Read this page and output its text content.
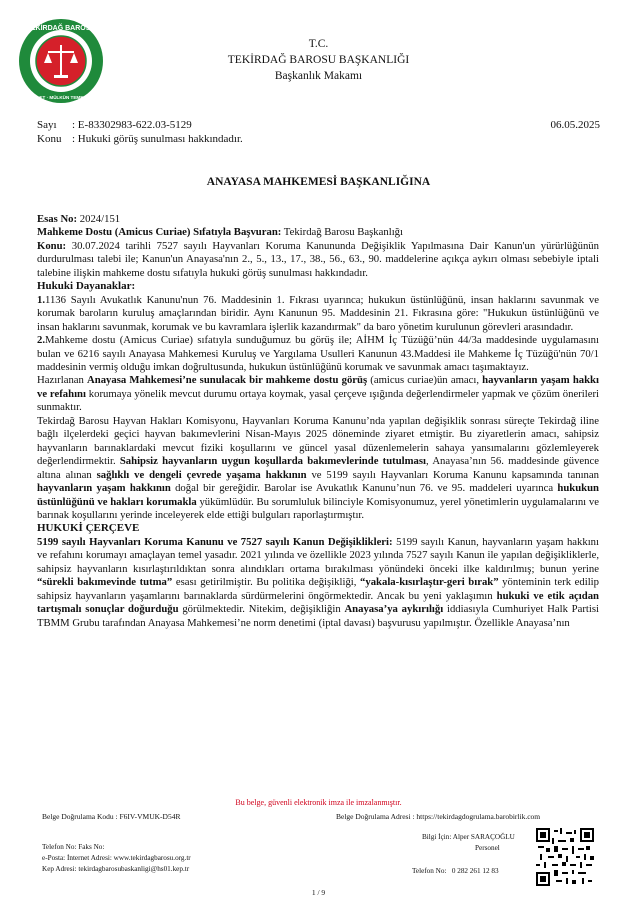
TEKİRDAĞ BAROSU
ADALET · MÜLKÜN TEMELİDİR
T.C.
TEKİRDAĞ BAROSU BAŞKANLIĞI
Başkanlık Makamı
Sayı : E-83302983-622.03-5129	06.05.2025
Konu : Hukuki görüş sunulması hakkındadır.
ANAYASA MAHKEMESİ BAŞKANLIĞINA

Esas No: 2024/151

Mahkeme Dostu (Amicus Curiae) Sıfatıyla Başvuran: Tekirdağ Barosu Başkanlığı

Konu: 30.07.2024 tarihli 7527 sayılı Hayvanları Koruma Kanununda Değişiklik Yapılmasına Dair Kanun'un yürürlüğünün durdurulması talebi ile; Kanun'un Anayasa'nın 2., 5., 13., 17., 38., 56., 63., 90. maddelerine açıkça aykırı olması sebebiyle iptali talebine ilişkin mahkeme dostu sıfatıyla hukuki görüş sunulması hakkındadır.

Hukuki Dayanaklar:

1.1136 Sayılı Avukatlık Kanunu'nun 76. Maddesinin 1. Fıkrası uyarınca; hukukun üstünlüğünü, insan haklarını savunmak ve korumak baroların kuruluş amaçlarından biridir. Aynı Kanunun 95. Maddesinin 21. Fıkrasına göre: "Hukukun üstünlüğünü ve insan haklarını savunmak, korumak ve bu kavramlara işlerlik kazandırmak" da baro yönetim kurulunun görevleri arasındadır.

2.Mahkeme dostu (Amicus Curiae) sıfatıyla sunduğumuz bu görüş ile; AİHM İç Tüzüğü’nün 44/3a maddesinde uygulamasını bulan ve 6216 sayılı Anayasa Mahkemesi Kuruluş ve Yargılama Usulleri Kanunun 43.Maddesi ile Mahkeme İç Tüzüğü'nün 70/1 maddesinin vermiş olduğu imkan doğrultusunda, hukukun üstünlüğünü korumak ve savunmak amacı taşımaktayız.

Hazırlanan Anayasa Mahkemesi’ne sunulacak bir mahkeme dostu görüş (amicus curiae)ün amacı, hayvanların yaşam hakkı ve refahını korumaya yönelik mevcut durumu ortaya koymak, yasal çerçeve ışığında değerlendirmeler yapmak ve çözüm önerileri sunmaktır.

Tekirdağ Barosu Hayvan Hakları Komisyonu, Hayvanları Koruma Kanunu’nda yapılan değişiklik sonrası süreçte Tekirdağ iline bağlı ilçelerdeki geçici hayvan bakımevlerini Nisan-Mayıs 2025 döneminde ziyaret etmiştir. Bu ziyaretlerin amacı, sahipsiz hayvanların barınaklardaki mevcut fiziki koşullarını ve güncel yasal düzenlemelerin sahaya yansımalarını gözlemleyerek değerlendirmektir. Sahipsiz hayvanların uygun koşullarda bakımevlerinde tutulması, Anayasa’nın 56. maddesinde güvence altına alınan sağlıklı ve dengeli çevrede yaşama hakkının ve 5199 sayılı Hayvanları Koruma Kanunu kapsamında tanınan hayvanların yaşam hakkının doğal bir gereğidir. Barolar ise Avukatlık Kanunu’nun 76. ve 95. maddeleri uyarınca hukukun üstünlüğünü ve hakları korumakla yükümlüdür. Bu sorumluluk bilinciyle Komisyonumuz, yerel yönetimlerin uygulamalarını ve barınak koşullarını yerinde inceleyerek elde ettiği bulguları raporlaştırmıştır.

HUKUKİ ÇERÇEVE

5199 sayılı Hayvanları Koruma Kanunu ve 7527 sayılı Kanun Değişiklikleri: 5199 sayılı Kanun, hayvanların yaşam hakkını ve refahını korumayı amaçlayan temel yasadır. 2021 yılında ve özellikle 2023 yılında 7527 sayılı Kanun ile yapılan değişikliklerle, sahipsiz hayvanların kısırlaştırıldıktan sonra alındıkları ortama bırakılması yönündeki önceki ilke kaldırılmış; bunun yerine “sürekli bakımevinde tutma” esası getirilmiştir. Bu politika değişikliği, “yakala-kısırlaştır-geri bırak” yönteminin terk edilip sahipsiz hayvanların yaşamlarını barınaklarda sürdürmelerini öngörmektedir. Ancak bu yeni yaklaşımın hukuki ve etik açıdan tartışmalı sonuçlar doğurduğu görülmektedir. Nitekim, değişikliğin Anayasa’ya aykırılığı iddiasıyla Cumhuriyet Halk Partisi TBMM Grubu tarafından Anayasa Mahkemesi’ne norm denetimi (iptal davası) başvurusu yapılmıştır. Özellikle Anayasa’nın

Bu belge, güvenli elektronik imza ile imzalanmıştır.
Belge Doğrulama Kodu : F6IV-VMUK-D54R	Belge Doğrulama Adresi : https://tekirdagdogrulama.barobirlik.com
Telefon No: Faks No:
e-Posta: İnternet Adresi: www.tekirdagbarosu.org.tr
Kep Adresi: tekirdagbarosubaskanligi@hs01.kep.tr
Bilgi İçin: Alper SARAÇOĞLU
Personel
Telefon No: 0 282 261 12 83
1 / 9
